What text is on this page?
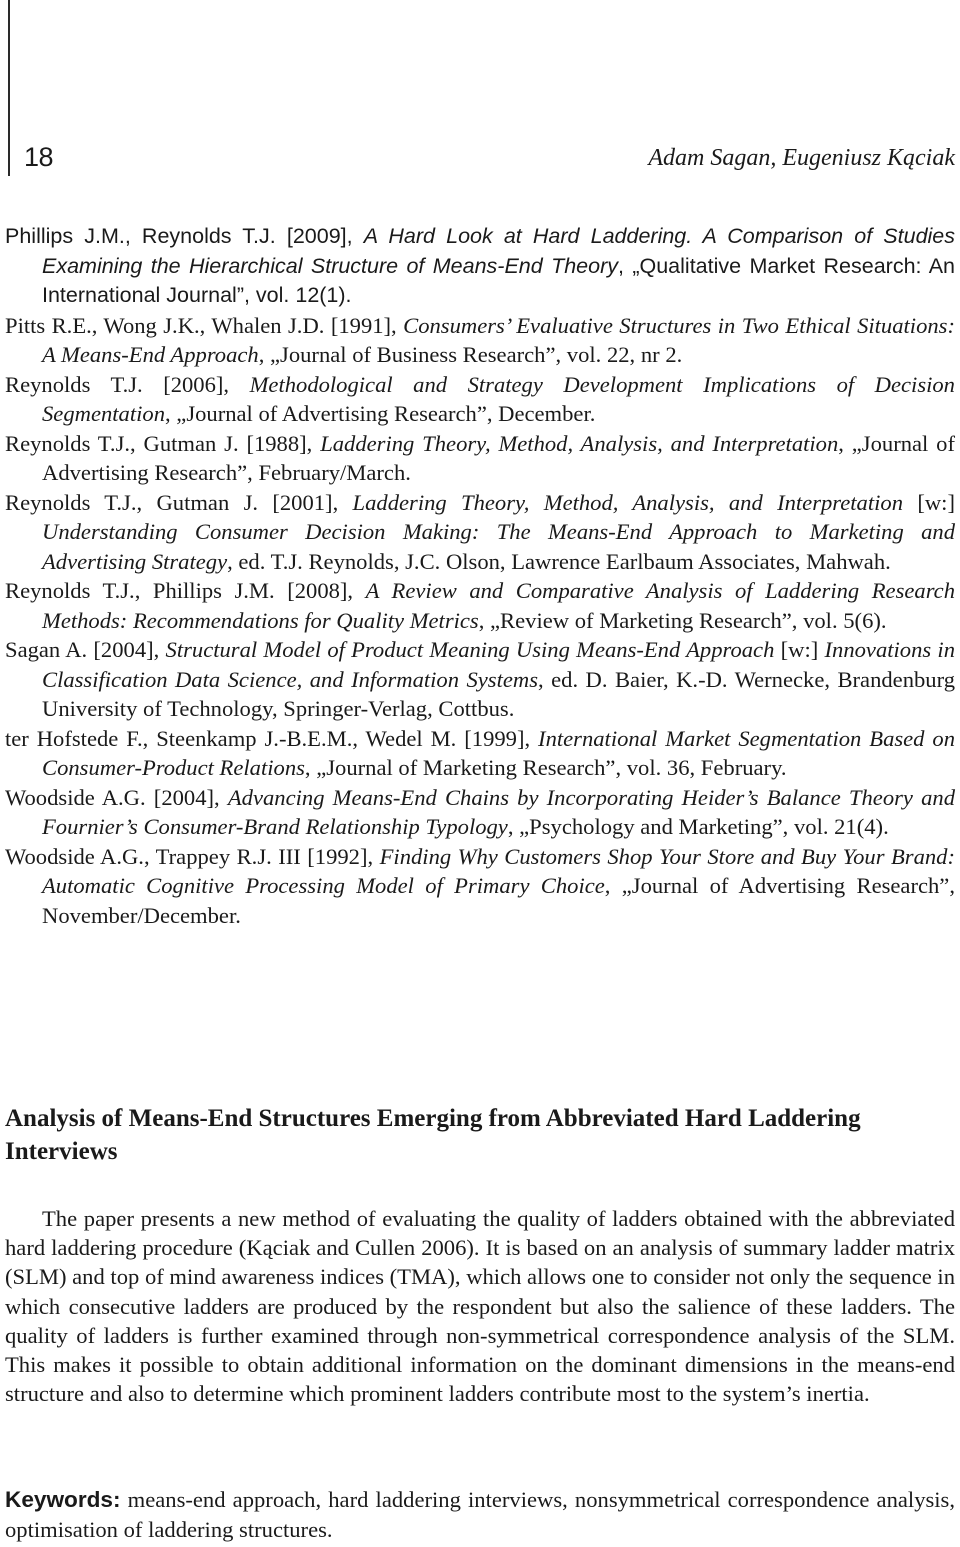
18	Adam Sagan, Eugeniusz Kąciak

Phillips J.M., Reynolds T.J. [2009], A Hard Look at Hard Laddering. A Comparison of Studies Examining the Hierarchical Structure of Means-End Theory, „Qualitative Market Research: An International Journal”, vol. 12(1).

Pitts R.E., Wong J.K., Whalen J.D. [1991], Consumers’ Evaluative Structures in Two Ethical Situations: A Means-End Approach, „Journal of Business Research”, vol. 22, nr 2.

Reynolds T.J. [2006], Methodological and Strategy Development Implications of Decision Segmentation, „Journal of Advertising Research”, December.

Reynolds T.J., Gutman J. [1988], Laddering Theory, Method, Analysis, and Interpretation, „Journal of Advertising Research”, February/March.

Reynolds T.J., Gutman J. [2001], Laddering Theory, Method, Analysis, and Interpretation [w:] Understanding Consumer Decision Making: The Means-End Approach to Marketing and Advertising Strategy, ed. T.J. Reynolds, J.C. Olson, Lawrence Earlbaum Associates, Mahwah.

Reynolds T.J., Phillips J.M. [2008], A Review and Comparative Analysis of Laddering Research Methods: Recommendations for Quality Metrics, „Review of Marketing Research”, vol. 5(6).

Sagan A. [2004], Structural Model of Product Meaning Using Means-End Approach [w:] Innovations in Classification Data Science, and Information Systems, ed. D. Baier, K.-D. Wernecke, Brandenburg University of Technology, Springer-Verlag, Cottbus.

ter Hofstede F., Steenkamp J.-B.E.M., Wedel M. [1999], International Market Segmentation Based on Consumer-Product Relations, „Journal of Marketing Research”, vol. 36, February.

Woodside A.G. [2004], Advancing Means-End Chains by Incorporating Heider’s Balance Theory and Fournier’s Consumer-Brand Relationship Typology, „Psychology and Marketing”, vol. 21(4).

Woodside A.G., Trappey R.J. III [1992], Finding Why Customers Shop Your Store and Buy Your Brand: Automatic Cognitive Processing Model of Primary Choice, „Journal of Advertising Research”, November/December.

Analysis of Means-End Structures Emerging from Abbreviated Hard Laddering Interviews

The paper presents a new method of evaluating the quality of ladders obtained with the abbreviated hard laddering procedure (Kąciak and Cullen 2006). It is based on an analysis of summary ladder matrix (SLM) and top of mind awareness indices (TMA), which allows one to consider not only the sequence in which consecutive ladders are produced by the respondent but also the salience of these ladders. The quality of ladders is further examined through non-symmetrical correspondence analysis of the SLM. This makes it possible to obtain additional information on the dominant dimensions in the means-end structure and also to determine which prominent ladders contribute most to the system’s inertia.

Keywords: means-end approach, hard laddering interviews, nonsymmetrical correspondence analysis, optimisation of laddering structures.
